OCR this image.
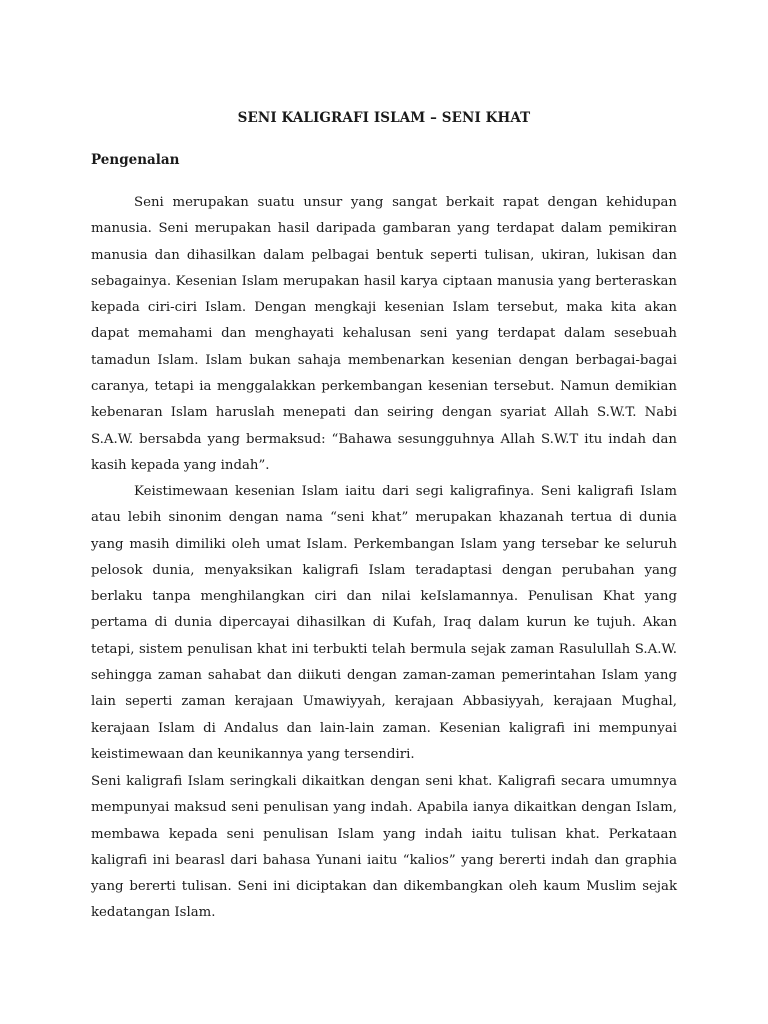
SENI KALIGRAFI ISLAM – SENI KHAT
Pengenalan

Seni merupakan suatu unsur yang sangat berkait rapat dengan kehidupan manusia. Seni merupakan hasil daripada gambaran yang terdapat dalam pemikiran manusia dan dihasilkan dalam pelbagai bentuk seperti tulisan, ukiran, lukisan dan sebagainya. Kesenian Islam merupakan hasil karya ciptaan manusia yang berteraskan kepada ciri-ciri Islam. Dengan mengkaji kesenian Islam tersebut, maka kita akan dapat memahami dan menghayati kehalusan seni yang terdapat dalam sesebuah tamadun Islam. Islam bukan sahaja membenarkan kesenian dengan berbagai-bagai caranya, tetapi ia menggalakkan perkembangan kesenian tersebut. Namun demikian kebenaran Islam haruslah menepati dan seiring dengan syariat Allah S.W.T. Nabi S.A.W. bersabda yang bermaksud: “Bahawa sesungguhnya Allah S.W.T itu indah dan kasih kepada yang indah”.

Keistimewaan kesenian Islam iaitu dari segi kaligrafinya. Seni kaligrafi Islam atau lebih sinonim dengan nama “seni khat” merupakan khazanah tertua di dunia yang masih dimiliki oleh umat Islam. Perkembangan Islam yang tersebar ke seluruh pelosok dunia, menyaksikan kaligrafi Islam teradaptasi dengan perubahan yang berlaku tanpa menghilangkan ciri dan nilai keIslamannya. Penulisan Khat yang pertama di dunia dipercayai dihasilkan di Kufah, Iraq dalam kurun ke tujuh. Akan tetapi, sistem penulisan khat ini terbukti telah bermula sejak zaman Rasulullah S.A.W. sehingga zaman sahabat dan diikuti dengan zaman-zaman pemerintahan Islam yang lain seperti zaman kerajaan Umawiyyah, kerajaan Abbasiyyah, kerajaan Mughal, kerajaan Islam di Andalus dan lain-lain zaman. Kesenian kaligrafi ini mempunyai keistimewaan dan keunikannya yang tersendiri.

Seni kaligrafi Islam seringkali dikaitkan dengan seni khat. Kaligrafi secara umumnya mempunyai maksud seni penulisan yang indah. Apabila ianya dikaitkan dengan Islam, membawa kepada seni penulisan Islam yang indah iaitu tulisan khat. Perkataan kaligrafi ini bearasl dari bahasa Yunani iaitu “kalios” yang bererti indah dan graphia yang bererti tulisan. Seni ini diciptakan dan dikembangkan oleh kaum Muslim sejak kedatangan Islam.
